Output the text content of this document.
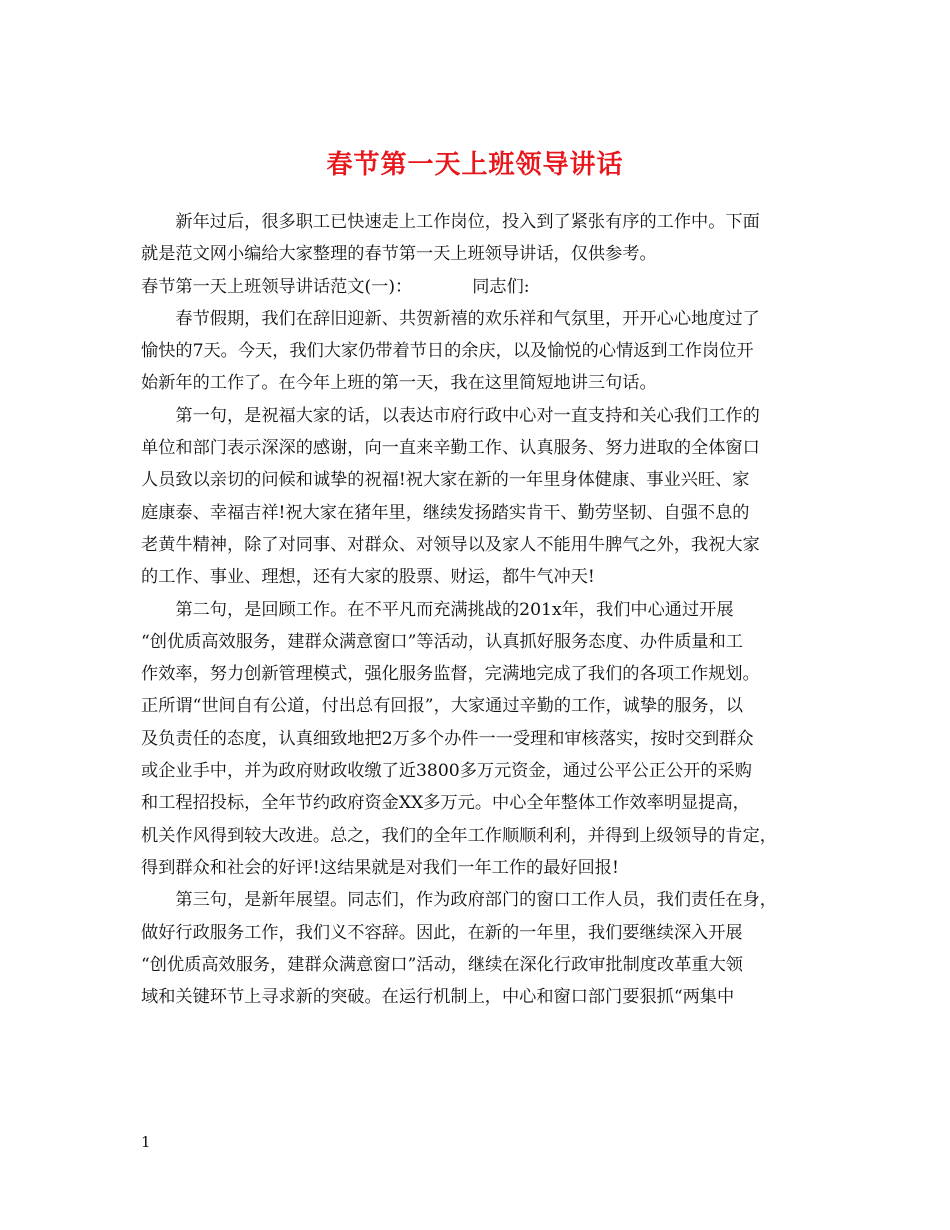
春节第一天上班领导讲话

新年过后，很多职工已快速走上工作岗位，投入到了紧张有序的工作中。下面
就是范文网小编给大家整理的春节第一天上班领导讲话，仅供参考。

春节第一天上班领导讲话范文(一)：	同志们:

春节假期，我们在辞旧迎新、共贺新禧的欢乐祥和气氛里，开开心心地度过了
愉快的7天。今天，我们大家仍带着节日的余庆，以及愉悦的心情返到工作岗位开
始新年的工作了。在今年上班的第一天，我在这里简短地讲三句话。

第一句，是祝福大家的话，以表达市府行政中心对一直支持和关心我们工作的
单位和部门表示深深的感谢，向一直来辛勤工作、认真服务、努力进取的全体窗口
人员致以亲切的问候和诚挚的祝福!祝大家在新的一年里身体健康、事业兴旺、家
庭康泰、幸福吉祥!祝大家在猪年里，继续发扬踏实肯干、勤劳坚韧、自强不息的
老黄牛精神，除了对同事、对群众、对领导以及家人不能用牛脾气之外，我祝大家
的工作、事业、理想，还有大家的股票、财运，都牛气冲天!

第二句，是回顾工作。在不平凡而充满挑战的201x年，我们中心通过开展
“创优质高效服务，建群众满意窗口”等活动，认真抓好服务态度、办件质量和工
作效率，努力创新管理模式，强化服务监督，完满地完成了我们的各项工作规划。
正所谓“世间自有公道，付出总有回报”，大家通过辛勤的工作，诚挚的服务，以
及负责任的态度，认真细致地把2万多个办件一一受理和审核落实，按时交到群众
或企业手中，并为政府财政收缴了近3800多万元资金，通过公平公正公开的采购
和工程招投标，全年节约政府资金XX多万元。中心全年整体工作效率明显提高，
机关作风得到较大改进。总之，我们的全年工作顺顺利利，并得到上级领导的肯定，
得到群众和社会的好评!这结果就是对我们一年工作的最好回报!

第三句，是新年展望。同志们，作为政府部门的窗口工作人员，我们责任在身，
做好行政服务工作，我们义不容辞。因此，在新的一年里，我们要继续深入开展
“创优质高效服务，建群众满意窗口”活动，继续在深化行政审批制度改革重大领
域和关键环节上寻求新的突破。在运行机制上，中心和窗口部门要狠抓“两集中

1
